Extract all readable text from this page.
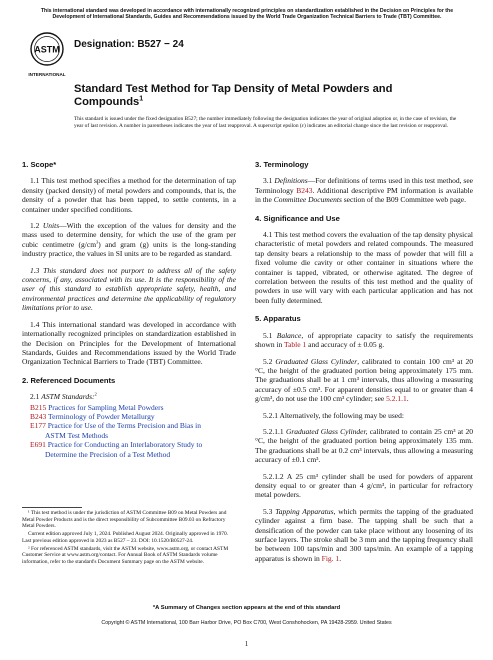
This international standard was developed in accordance with internationally recognized principles on standardization established in the Decision on Principles for the Development of International Standards, Guides and Recommendations issued by the World Trade Organization Technical Barriers to Trade (TBT) Committee.
ASTM
INTERNATIONAL
Designation: B527 − 24
Standard Test Method for Tap Density of Metal Powders and Compounds$^1$
This standard is issued under the fixed designation B527; the number immediately following the designation indicates the year of original adoption or, in the case of revision, the year of last revision. A number in parentheses indicates the year of last reapproval. A superscript epsilon (ε) indicates an editorial change since the last revision or reapproval.
1. Scope*
1.1 This test method specifies a method for the determination of tap density (packed density) of metal powders and compounds, that is, the density of a powder that has been tapped, to settle contents, in a container under specified conditions.
1.2 Units—With the exception of the values for density and the mass used to determine density, for which the use of the gram per cubic centimetre $(g/cm^3)$ and gram (g) units is the long-standing industry practice, the values in SI units are to be regarded as standard.
1.3 This standard does not purport to address all of the safety concerns, if any, associated with its use. It is the responsibility of the user of this standard to establish appropriate safety, health, and environmental practices and determine the applicability of regulatory limitations prior to use.
1.4 This international standard was developed in accordance with internationally recognized principles on standardization established in the Decision on Principles for the Development of International Standards, Guides and Recommendations issued by the World Trade Organization Technical Barriers to Trade (TBT) Committee.
2. Referenced Documents
2.1 ASTM Standards:$^2$
B215 Practices for Sampling Metal Powders
B243 Terminology of Powder Metallurgy
E177 Practice for Use of the Terms Precision and Bias in
ASTM Test Methods
E691 Practice for Conducting an Interlaboratory Study to
Determine the Precision of a Test Method
¹ This test method is under the jurisdiction of ASTM Committee B09 on Metal Powders and Metal Powder Products and is the direct responsibility of Subcommittee B09.03 on Refractory Metal Powders.
Current edition approved July 1, 2024. Published August 2024. Originally approved in 1970. Last previous edition approved in 2023 as B527 – 23. DOI: 10.1520/B0527-24.
² For referenced ASTM standards, visit the ASTM website, www.astm.org, or contact ASTM Customer Service at www.astm.org/contact. For Annual Book of ASTM Standards volume information, refer to the standard's Document Summary page on the ASTM website.
3. Terminology
3.1 Definitions—For definitions of terms used in this test method, see Terminology B243. Additional descriptive PM information is available in the Committee Documents section of the B09 Committee web page.
4. Significance and Use
4.1 This test method covers the evaluation of the tap density physical characteristic of metal powders and related compounds. The measured tap density bears a relationship to the mass of powder that will fill a fixed volume die cavity or other container in situations where the container is tapped, vibrated, or otherwise agitated. The degree of correlation between the results of this test method and the quality of powders in use will vary with each particular application and has not been fully determined.
5. Apparatus
5.1 Balance, of appropriate capacity to satisfy the requirements shown in Table 1 and accuracy of ± 0.05 g.
5.2 Graduated Glass Cylinder, calibrated to contain 100 cm³ at 20 °C, the height of the graduated portion being approximately 175 mm. The graduations shall be at 1 cm³ intervals, thus allowing a measuring accuracy of ±0.5 cm³. For apparent densities equal to or greater than 4 g/cm³, do not use the 100 cm³ cylinder; see 5.2.1.1.
5.2.1 Alternatively, the following may be used:
5.2.1.1 Graduated Glass Cylinder, calibrated to contain 25 cm³ at 20 °C, the height of the graduated portion being approximately 135 mm. The graduations shall be at 0.2 cm³ intervals, thus allowing a measuring accuracy of ±0.1 cm³.
5.2.1.2 A 25 cm³ cylinder shall be used for powders of apparent density equal to or greater than 4 g/cm³, in particular for refractory metal powders.
5.3 Tapping Apparatus, which permits the tapping of the graduated cylinder against a firm base. The tapping shall be such that a densification of the powder can take place without any loosening of its surface layers. The stroke shall be 3 mm and the tapping frequency shall be between 100 taps/min and 300 taps/min. An example of a tapping apparatus is shown in Fig. 1.
*A Summary of Changes section appears at the end of this standard
Copyright © ASTM International, 100 Barr Harbor Drive, PO Box C700, West Conshohocken, PA 19428-2959. United States
1
